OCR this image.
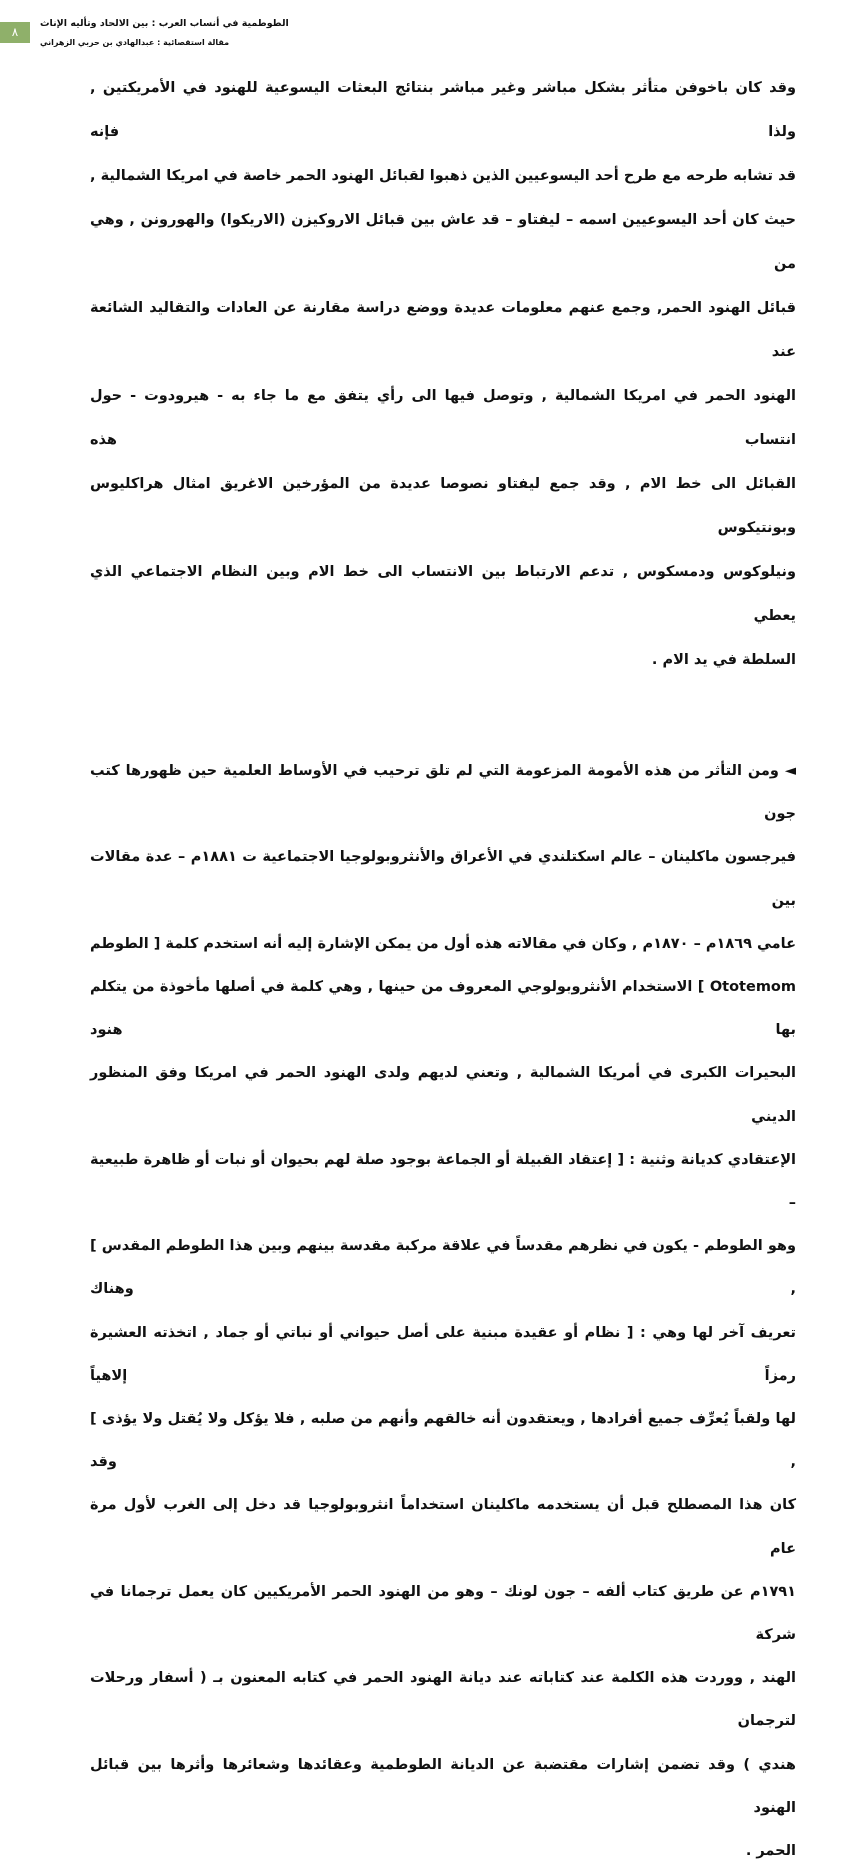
٨
الطوطمية في أنساب العرب : بين الالحاد وتأليه الإناث
مقالة استقصائية : عبدالهادي بن حربي الزهراني
وقد كان باخوفن متأثر بشكل مباشر وغير مباشر بنتائج البعثات اليسوعية للهنود في الأمريكتين , ولذا فإنه
قد تشابه طرحه مع طرح أحد اليسوعيين الذين ذهبوا لقبائل الهنود الحمر خاصة في امريكا الشمالية ,
حيث كان أحد اليسوعيين اسمه – ليفتاو – قد عاش بين قبائل الاروكيزن (الاريكوا) والهورونن , وهي من
قبائل الهنود الحمر, وجمع عنهم معلومات عديدة ووضع دراسة مقارنة عن العادات والتقاليد الشائعة عند
الهنود الحمر في امريكا الشمالية , وتوصل فيها الى رأي يتفق مع ما جاء به - هيرودوت - حول انتساب هذه
القبائل الى خط الام , وقد جمع ليفتاو نصوصا عديدة من المؤرخين الاغريق امثال هراكليوس وبونتيكوس
ونيلوكوس ودمسكوس , تدعم الارتباط بين الانتساب الى خط الام وبين النظام الاجتماعي الذي يعطي
السلطة في يد الام .
◄ ومن التأثر من هذه الأمومة المزعومة التي لم تلق ترحيب في الأوساط العلمية حين ظهورها كتب جون
فيرجسون ماكلينان – عالم اسكتلندي في الأعراق والأنثروبولوجيا الاجتماعية ت ١٨٨١م – عدة مقالات بين
عامي ١٨٦٩م – ١٨٧٠م , وكان في مقالاته هذه أول من يمكن الإشارة إليه أنه استخدم كلمة [ الطوطم
Ototemom ] الاستخدام الأنثروبولوجي المعروف من حينها , وهي كلمة في أصلها مأخوذة من يتكلم بها هنود
البحيرات الكبرى في أمريكا الشمالية , وتعني لديهم ولدى الهنود الحمر في امريكا وفق المنظور الديني
الإعتقادي كديانة وثنية : [ إعتقاد القبيلة أو الجماعة بوجود صلة لهم بحيوان أو نبات أو ظاهرة طبيعية –
وهو الطوطم - يكون في نظرهم مقدساً في علاقة مركبة مقدسة بينهم وبين هذا الطوطم المقدس ] , وهناك
تعريف آخر لها وهي : [ نظام أو عقيدة مبنية على أصل حيواني أو نباتي أو جماد , اتخذته العشيرة رمزاً إلاهياً
لها ولقباً يُعرِّف جميع أفرادها , ويعتقدون أنه خالقهم وأنهم من صلبه , فلا يؤكل ولا يُقتل ولا يؤذى ] , وقد
كان هذا المصطلح قبل أن يستخدمه ماكلينان استخداماً انثروبولوجيا قد دخل إلى الغرب لأول مرة عام
١٧٩١م عن طريق كتاب ألفه – جون لونك – وهو من الهنود الحمر الأمريكيين كان يعمل ترجمانا في شركة
الهند , ووردت هذه الكلمة عند كتاباته عند ديانة الهنود الحمر في كتابه المعنون بـ ( أسفار ورحلات لترجمان
هندي ) وقد تضمن إشارات مقتضبة عن الديانة الطوطمية وعقائدها وشعائرها وأثرها بين قبائل الهنود
الحمر .
